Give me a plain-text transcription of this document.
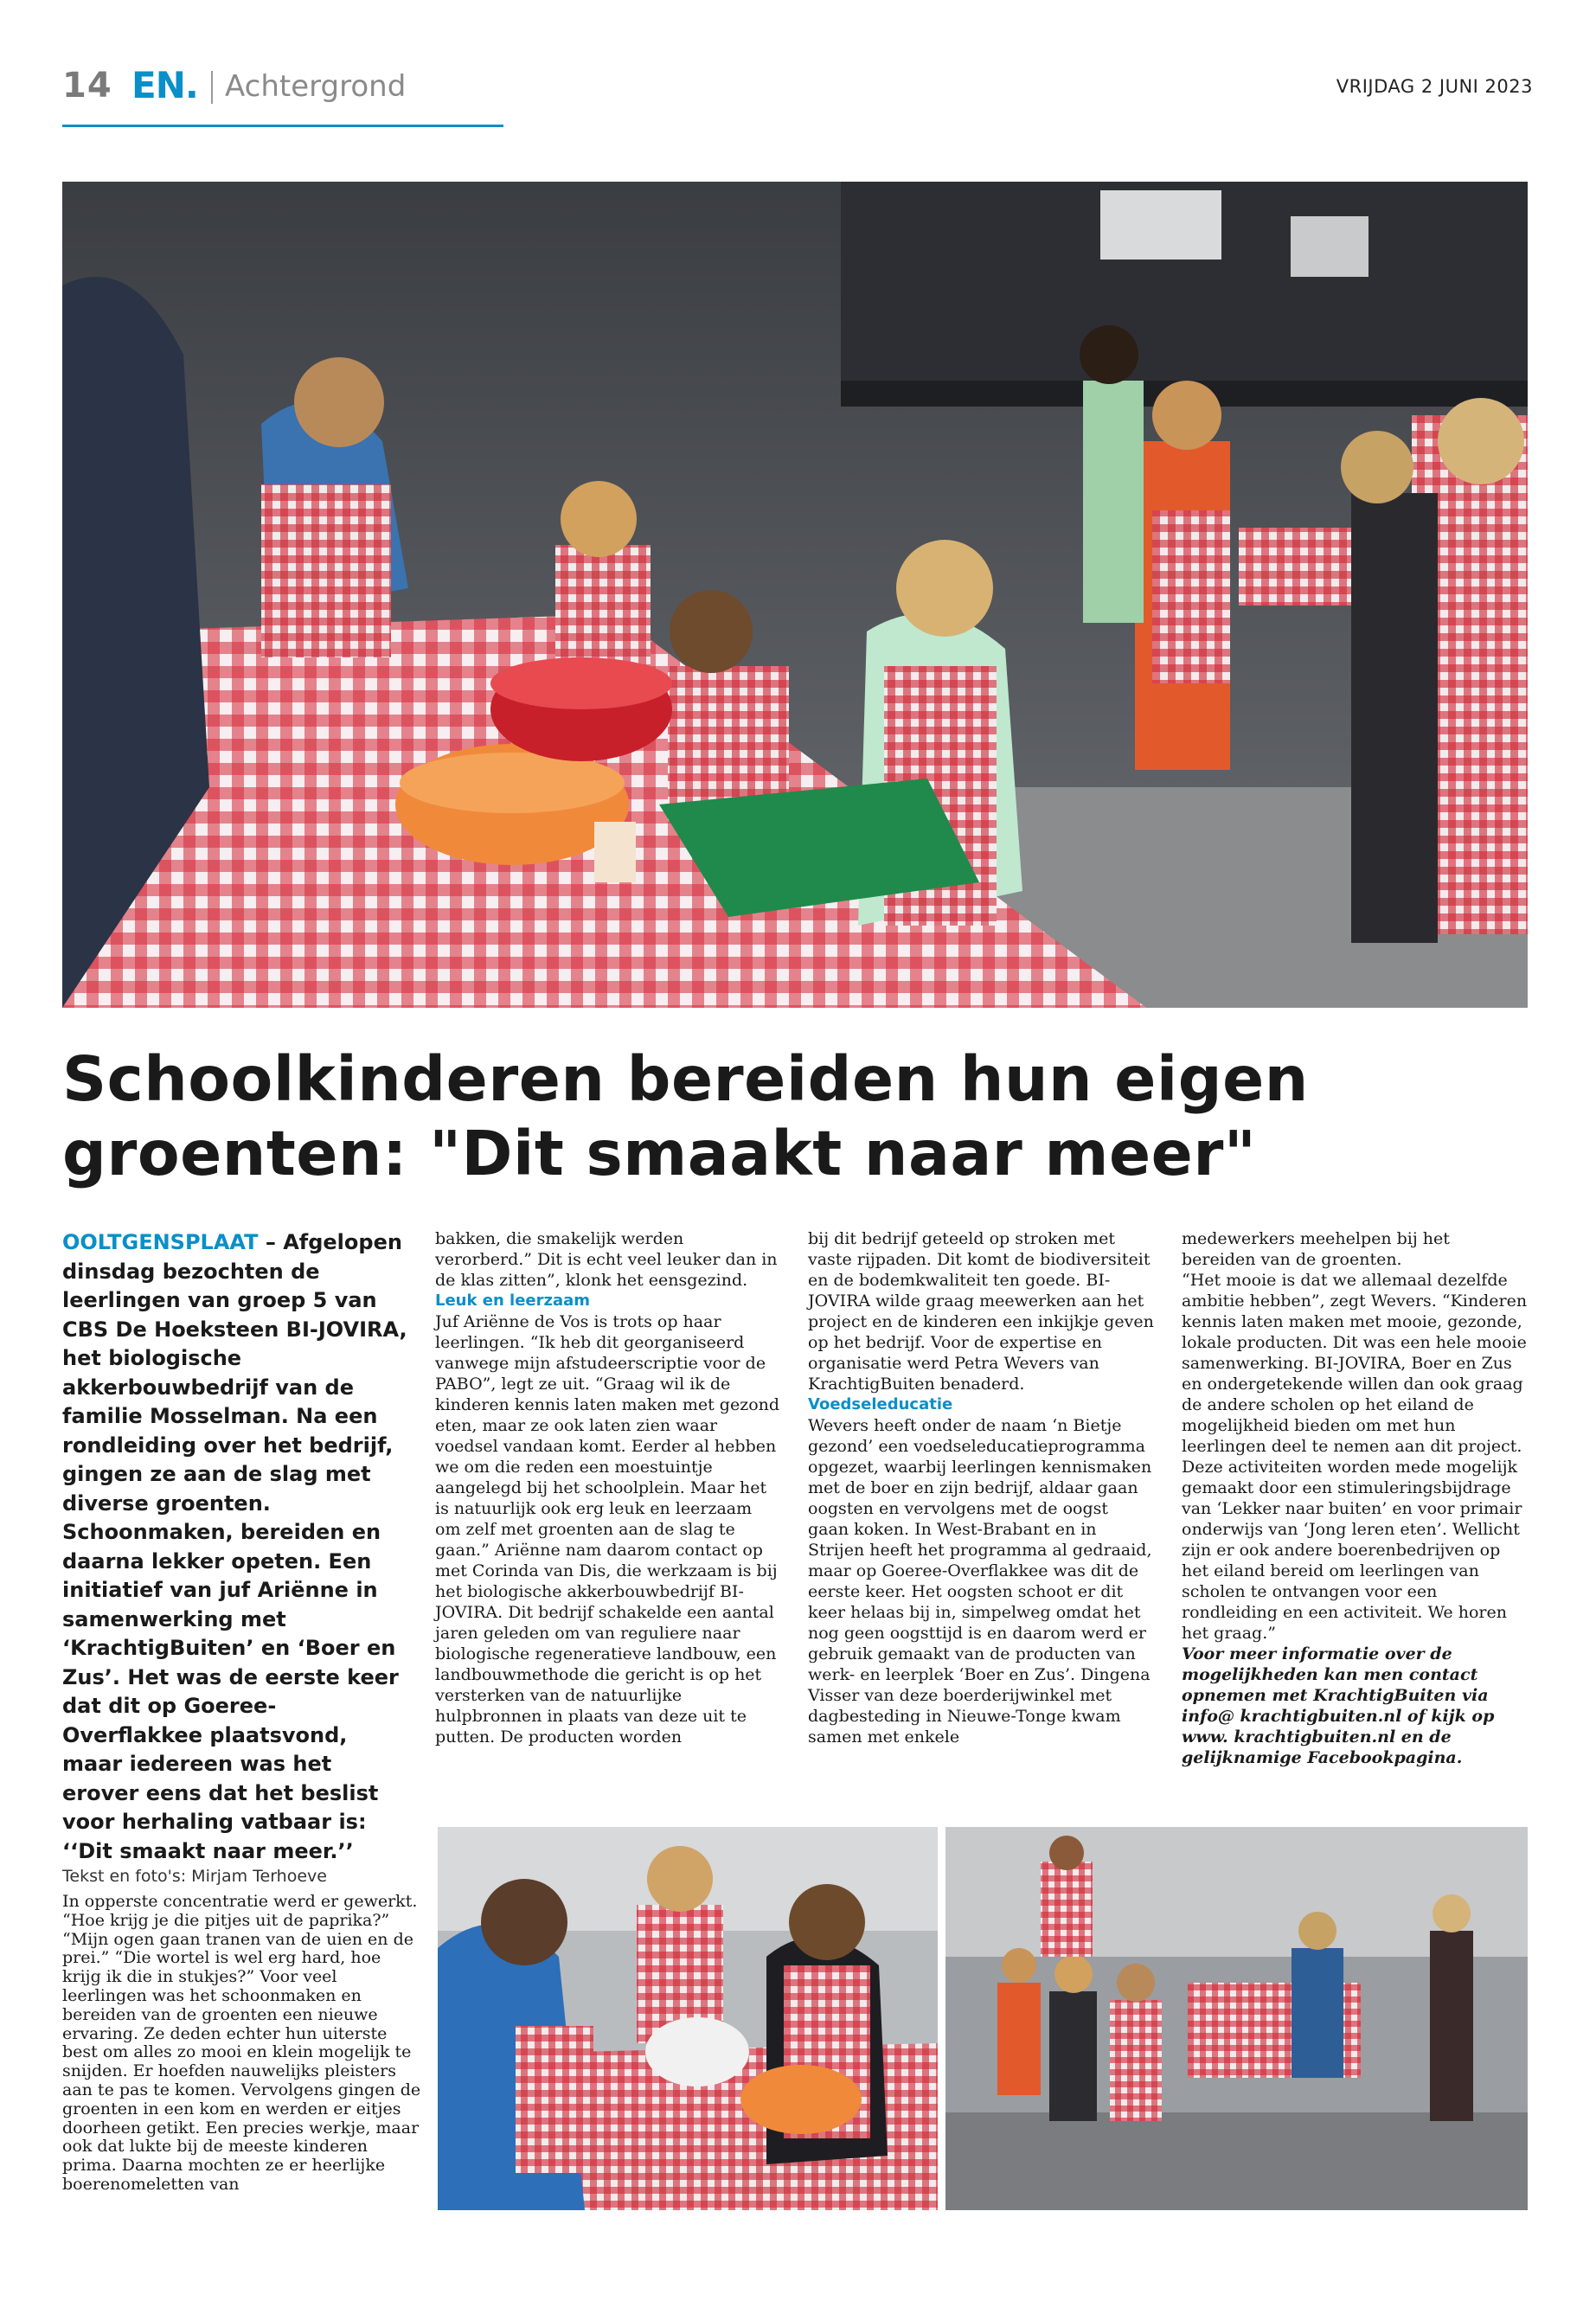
14 EN. Achtergrond	VRIJDAG 2 JUNI 2023
Schoolkinderen bereiden hun eigen groenten: "Dit smaakt naar meer"

OOLTGENSPLAAT – Afgelopen dinsdag bezochten de leerlingen van groep 5 van CBS De Hoeksteen BI-JOVIRA, het biologische akkerbouwbedrijf van de familie Mosselman. Na een rondleiding over het bedrijf, gingen ze aan de slag met diverse groenten. Schoonmaken, bereiden en daarna lekker opeten. Een initiatief van juf Ariënne in samenwerking met ‘KrachtigBuiten’ en ‘Boer en Zus’. Het was de eerste keer dat dit op Goeree-Overflakkee plaatsvond, maar iedereen was het erover eens dat het beslist voor herhaling vatbaar is: ‘‘Dit smaakt naar meer.’’

Tekst en foto's: Mirjam Terhoeve

In opperste concentratie werd er gewerkt. “Hoe krijg je die pitjes uit de paprika?” “Mijn ogen gaan tranen van de uien en de prei.” “Die wortel is wel erg hard, hoe krijg ik die in stukjes?” Voor veel leerlingen was het schoonmaken en bereiden van de groenten een nieuwe ervaring. Ze deden echter hun uiterste best om alles zo mooi en klein mogelijk te snijden. Er hoefden nauwelijks pleisters aan te pas te komen. Vervolgens gingen de groenten in een kom en werden er eitjes doorheen getikt. Een precies werkje, maar ook dat lukte bij de meeste kinderen prima. Daarna mochten ze er heerlijke boerenomeletten van

bakken, die smakelijk werden verorberd.” Dit is echt veel leuker dan in de klas zitten”, klonk het eensgezind.

Leuk en leerzaam

Juf Ariënne de Vos is trots op haar leerlingen. “Ik heb dit georganiseerd vanwege mijn afstudeerscriptie voor de PABO”, legt ze uit. “Graag wil ik de kinderen kennis laten maken met gezond eten, maar ze ook laten zien waar voedsel vandaan komt. Eerder al hebben we om die reden een moestuintje aangelegd bij het schoolplein. Maar het is natuurlijk ook erg leuk en leerzaam om zelf met groenten aan de slag te gaan.” Ariënne nam daarom contact op met Corinda van Dis, die werkzaam is bij het biologische akkerbouwbedrijf BI-JOVIRA. Dit bedrijf schakelde een aantal jaren geleden om van reguliere naar biologische regeneratieve landbouw, een landbouwmethode die gericht is op het versterken van de natuurlijke hulpbronnen in plaats van deze uit te putten. De producten worden

bij dit bedrijf geteeld op stroken met vaste rijpaden. Dit komt de biodiversiteit en de bodemkwaliteit ten goede. BI-JOVIRA wilde graag meewerken aan het project en de kinderen een inkijkje geven op het bedrijf. Voor de expertise en organisatie werd Petra Wevers van KrachtigBuiten benaderd.

Voedseleducatie

Wevers heeft onder de naam ‘n Bietje gezond’ een voedseleducatieprogramma opgezet, waarbij leerlingen kennismaken met de boer en zijn bedrijf, aldaar gaan oogsten en vervolgens met de oogst gaan koken. In West-Brabant en in Strijen heeft het programma al gedraaid, maar op Goeree-Overflakkee was dit de eerste keer. Het oogsten schoot er dit keer helaas bij in, simpelweg omdat het nog geen oogsttijd is en daarom werd er gebruik gemaakt van de producten van werk- en leerplek ‘Boer en Zus’. Dingena Visser van deze boerderijwinkel met dagbesteding in Nieuwe-Tonge kwam samen met enkele

medewerkers meehelpen bij het bereiden van de groenten.

“Het mooie is dat we allemaal dezelfde ambitie hebben”, zegt Wevers. “Kinderen kennis laten maken met mooie, gezonde, lokale producten. Dit was een hele mooie samenwerking. BI-JOVIRA, Boer en Zus en ondergetekende willen dan ook graag de andere scholen op het eiland de mogelijkheid bieden om met hun leerlingen deel te nemen aan dit project. Deze activiteiten worden mede mogelijk gemaakt door een stimuleringsbijdrage van ‘Lekker naar buiten’ en voor primair onderwijs van ‘Jong leren eten’. Wellicht zijn er ook andere boerenbedrijven op het eiland bereid om leerlingen van scholen te ontvangen voor een rondleiding en een activiteit. We horen het graag.”

Voor meer informatie over de mogelijkheden kan men contact opnemen met KrachtigBuiten via info@ krachtigbuiten.nl of kijk op www. krachtigbuiten.nl en de gelijknamige Facebookpagina.
